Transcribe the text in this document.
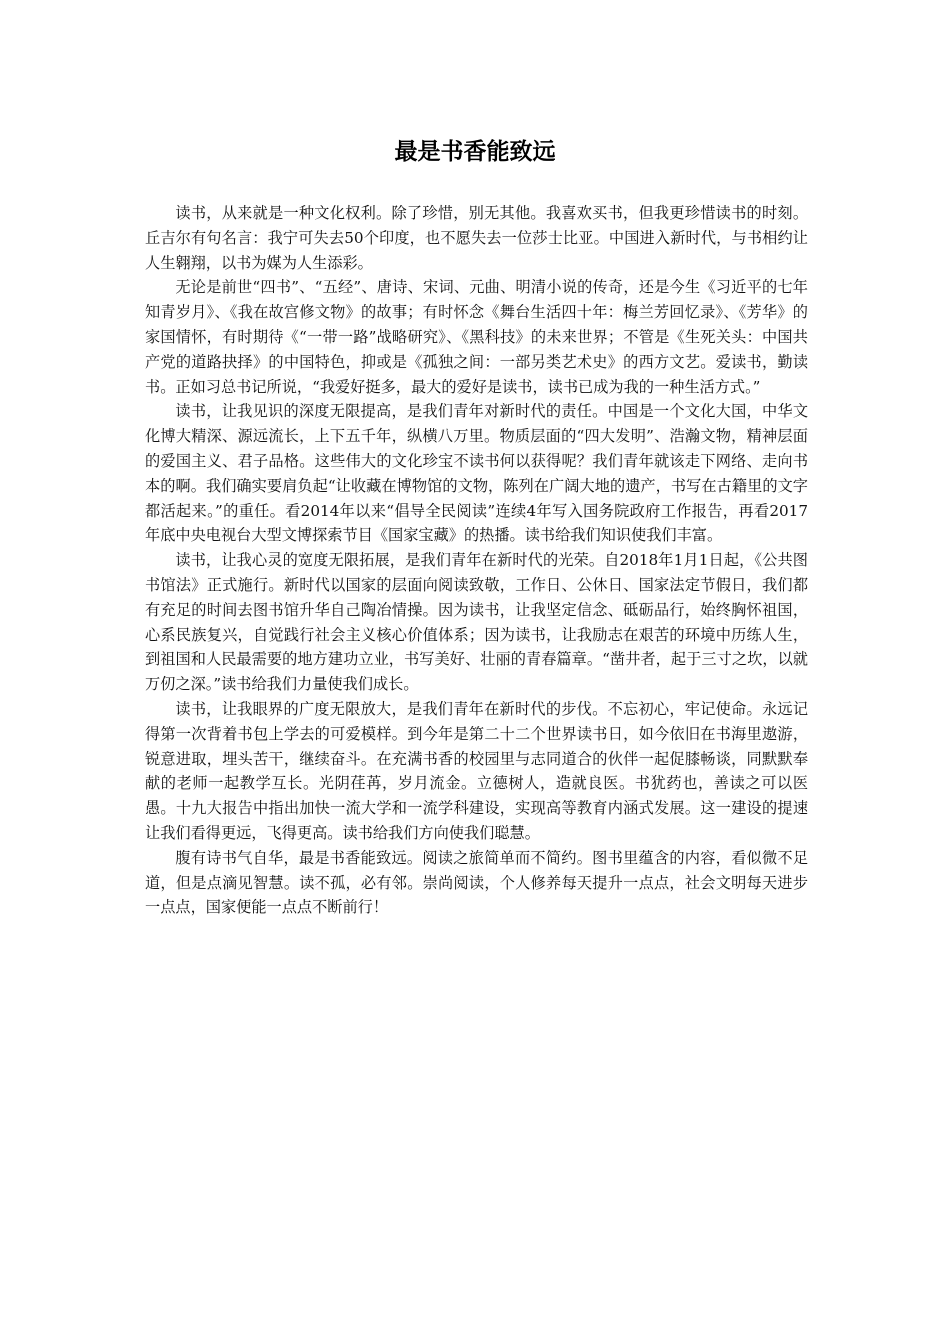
最是书香能致远

读书，从来就是一种文化权利。除了珍惜，别无其他。我喜欢买书，但我更珍惜读书的时刻。丘吉尔有句名言：我宁可失去50个印度，也不愿失去一位莎士比亚。中国进入新时代，与书相约让人生翱翔，以书为媒为人生添彩。

无论是前世“四书”、“五经”、唐诗、宋词、元曲、明清小说的传奇，还是今生《习近平的七年知青岁月》、《我在故宫修文物》的故事；有时怀念《舞台生活四十年：梅兰芳回忆录》、《芳华》的家国情怀，有时期待《“一带一路”战略研究》、《黑科技》的未来世界；不管是《生死关头：中国共产党的道路抉择》的中国特色，抑或是《孤独之间：一部另类艺术史》的西方文艺。爱读书，勤读书。正如习总书记所说，“我爱好挺多，最大的爱好是读书，读书已成为我的一种生活方式。”

读书，让我见识的深度无限提高，是我们青年对新时代的责任。中国是一个文化大国，中华文化博大精深、源远流长，上下五千年，纵横八万里。物质层面的“四大发明”、浩瀚文物，精神层面的爱国主义、君子品格。这些伟大的文化珍宝不读书何以获得呢？我们青年就该走下网络、走向书本的啊。我们确实要肩负起“让收藏在博物馆的文物，陈列在广阔大地的遗产，书写在古籍里的文字都活起来。”的重任。看2014年以来“倡导全民阅读”连续4年写入国务院政府工作报告，再看2017年底中央电视台大型文博探索节目《国家宝藏》的热播。读书给我们知识使我们丰富。

读书，让我心灵的宽度无限拓展，是我们青年在新时代的光荣。自2018年1月1日起，《公共图书馆法》正式施行。新时代以国家的层面向阅读致敬，工作日、公休日、国家法定节假日，我们都有充足的时间去图书馆升华自己陶冶情操。因为读书，让我坚定信念、砥砺品行，始终胸怀祖国，心系民族复兴，自觉践行社会主义核心价值体系；因为读书，让我励志在艰苦的环境中历练人生，到祖国和人民最需要的地方建功立业，书写美好、壮丽的青春篇章。“凿井者，起于三寸之坎，以就万仞之深。”读书给我们力量使我们成长。

读书，让我眼界的广度无限放大，是我们青年在新时代的步伐。不忘初心，牢记使命。永远记得第一次背着书包上学去的可爱模样。到今年是第二十二个世界读书日，如今依旧在书海里遨游，锐意进取，埋头苦干，继续奋斗。在充满书香的校园里与志同道合的伙伴一起促膝畅谈，同默默奉献的老师一起教学互长。光阴荏苒，岁月流金。立德树人，造就良医。书犹药也，善读之可以医愚。十九大报告中指出加快一流大学和一流学科建设，实现高等教育内涵式发展。这一建设的提速让我们看得更远，飞得更高。读书给我们方向使我们聪慧。

腹有诗书气自华，最是书香能致远。阅读之旅简单而不简约。图书里蕴含的内容，看似微不足道，但是点滴见智慧。读不孤，必有邻。崇尚阅读，个人修养每天提升一点点，社会文明每天进步一点点，国家便能一点点不断前行！
